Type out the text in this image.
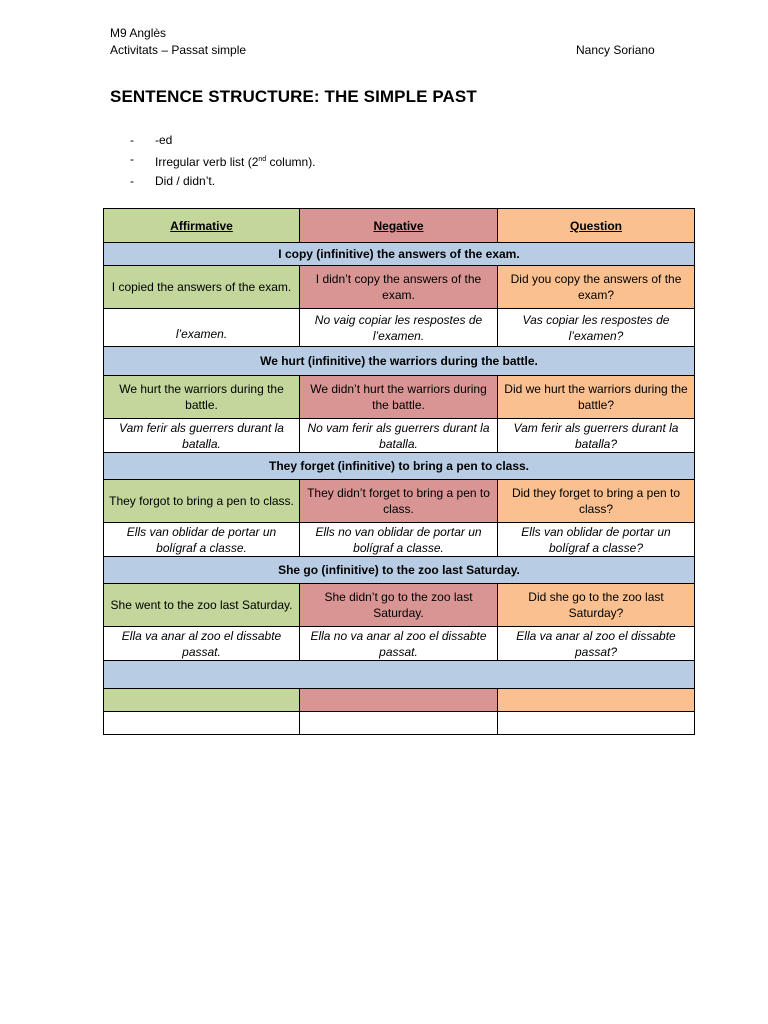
M9 Anglès
Activitats – Passat simple	Nancy Soriano
SENTENCE STRUCTURE: THE SIMPLE PAST
- -ed
- Irregular verb list (2nd column).
- Did / didn’t.
Affirmative	Negative	Question
I copy (infinitive) the answers of the exam.		
I copied the answers of the exam.	I didn’t copy the answers of the exam.	Did you copy the answers of the exam?
l’examen.	No vaig copiar les respostes de l’examen.	Vas copiar les respostes de l’examen?
We hurt (infinitive) the warriors during the battle.		
We hurt the warriors during the battle.	We didn’t hurt the warriors during the battle.	Did we hurt the warriors during the battle?
Vam ferir als guerrers durant la batalla.	No vam ferir als guerrers durant la batalla.	Vam ferir als guerrers durant la batalla?
They forget (infinitive) to bring a pen to class.		
They forgot to bring a pen to class.	They didn’t forget to bring a pen to class.	Did they forget to bring a pen to class?
Ells van oblidar de portar un bolígraf a classe.	Ells no van oblidar de portar un bolígraf a classe.	Ells van oblidar de portar un bolígraf a classe?
She go (infinitive) to the zoo last Saturday.		
She went to the zoo last Saturday.	She didn’t go to the zoo last Saturday.	Did she go to the zoo last Saturday?
Ella va anar al zoo el dissabte passat.	Ella no va anar al zoo el dissabte passat.	Ella va anar al zoo el dissabte passat?
